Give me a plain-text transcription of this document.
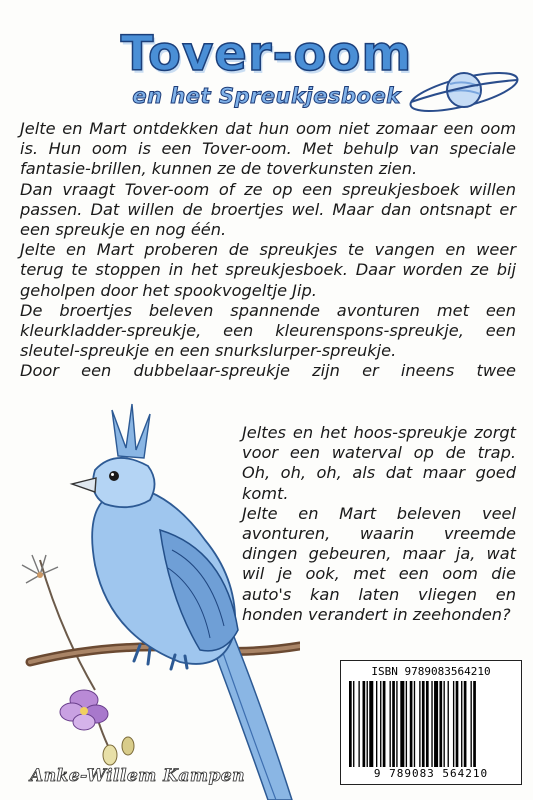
Tover-oom
en het Spreukjesboek

Jelte en Mart ontdekken dat hun oom niet zomaar een oom is. Hun oom is een Tover-oom. Met behulp van speciale fantasie-brillen, kunnen ze de toverkunsten zien.

Dan vraagt Tover-oom of ze op een spreukjesboek willen passen. Dat willen de broertjes wel. Maar dan ontsnapt er een spreukje en nog één.

Jelte en Mart proberen de spreukjes te vangen en weer terug te stoppen in het spreukjesboek. Daar worden ze bij geholpen door het spookvogeltje Jip.

De broertjes beleven spannende avonturen met een kleurkladder-spreukje, een kleurenspons-spreukje, een sleutel-spreukje en een snurkslurper-spreukje.

Door een dubbelaar-spreukje zijn er ineens twee

Jeltes en het hoos-spreukje zorgt voor een waterval op de trap. Oh, oh, oh, als dat maar goed komt.

Jelte en Mart beleven veel avonturen, waarin vreemde dingen gebeuren, maar ja, wat wil je ook, met een oom die auto's kan laten vliegen en honden verandert in zeehonden?

ISBN 9789083564210
9 789083 564210
Anke-Willem Kampen
